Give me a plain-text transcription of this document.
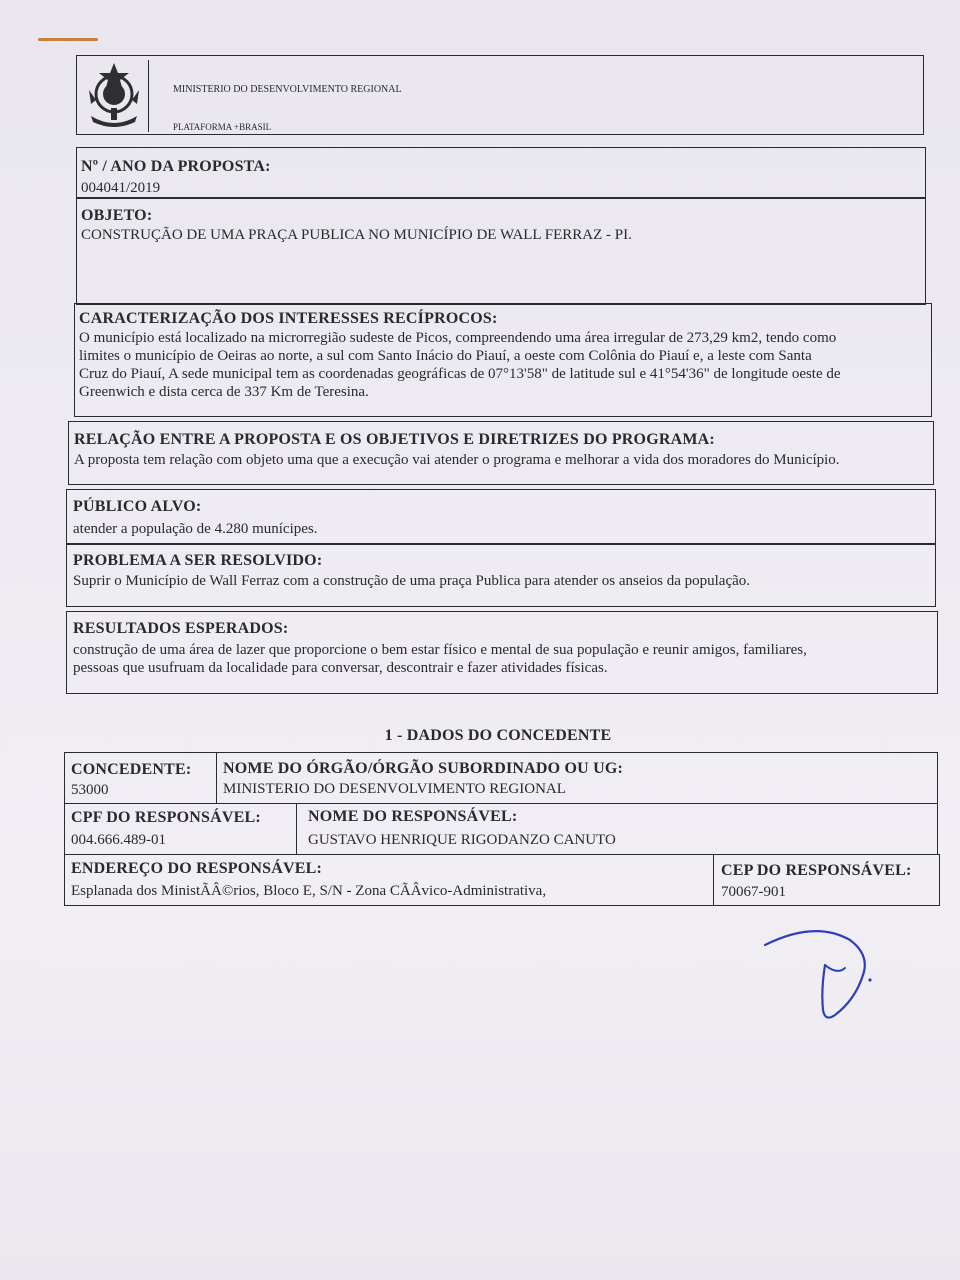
MINISTERIO DO DESENVOLVIMENTO REGIONAL
PLATAFORMA +BRASIL
Nº / ANO DA PROPOSTA:
004041/2019
OBJETO:
CONSTRUÇÃO DE UMA PRAÇA PUBLICA NO MUNICÍPIO DE WALL FERRAZ - PI.
CARACTERIZAÇÃO DOS INTERESSES RECÍPROCOS:
O município está localizado na microrregião sudeste de Picos, compreendendo uma área irregular de 273,29 km2, tendo como
limites o município de Oeiras ao norte, a sul com Santo Inácio do Piauí, a oeste com Colônia do Piauí e, a leste com Santa
Cruz do Piauí, A sede municipal tem as coordenadas geográficas de 07°13'58" de latitude sul e 41°54'36" de longitude oeste de
Greenwich e dista cerca de 337 Km de Teresina.
RELAÇÃO ENTRE A PROPOSTA E OS OBJETIVOS E DIRETRIZES DO PROGRAMA:
A proposta tem relação com objeto uma que a execução vai atender o programa e melhorar a vida dos moradores do Município.
PÚBLICO ALVO:
atender a população de 4.280 munícipes.
PROBLEMA A SER RESOLVIDO:
Suprir o Município de Wall Ferraz com a construção de uma praça Publica para atender os anseios da população.
RESULTADOS ESPERADOS:
construção de uma área de lazer que proporcione o bem estar físico e mental de sua população e reunir amigos, familiares,
pessoas que usufruam da localidade para conversar, descontrair e fazer atividades físicas.
1 - DADOS DO CONCEDENTE
CONCEDENTE:
53000
NOME DO ÓRGÃO/ÓRGÃO SUBORDINADO OU UG:
MINISTERIO DO DESENVOLVIMENTO REGIONAL
CPF DO RESPONSÁVEL:
004.666.489-01
NOME DO RESPONSÁVEL:
GUSTAVO HENRIQUE RIGODANZO CANUTO
ENDEREÇO DO RESPONSÁVEL:
Esplanada dos MinistÃÂ©rios, Bloco E, S/N - Zona CÃÂvico-Administrativa,
CEP DO RESPONSÁVEL:
70067-901
